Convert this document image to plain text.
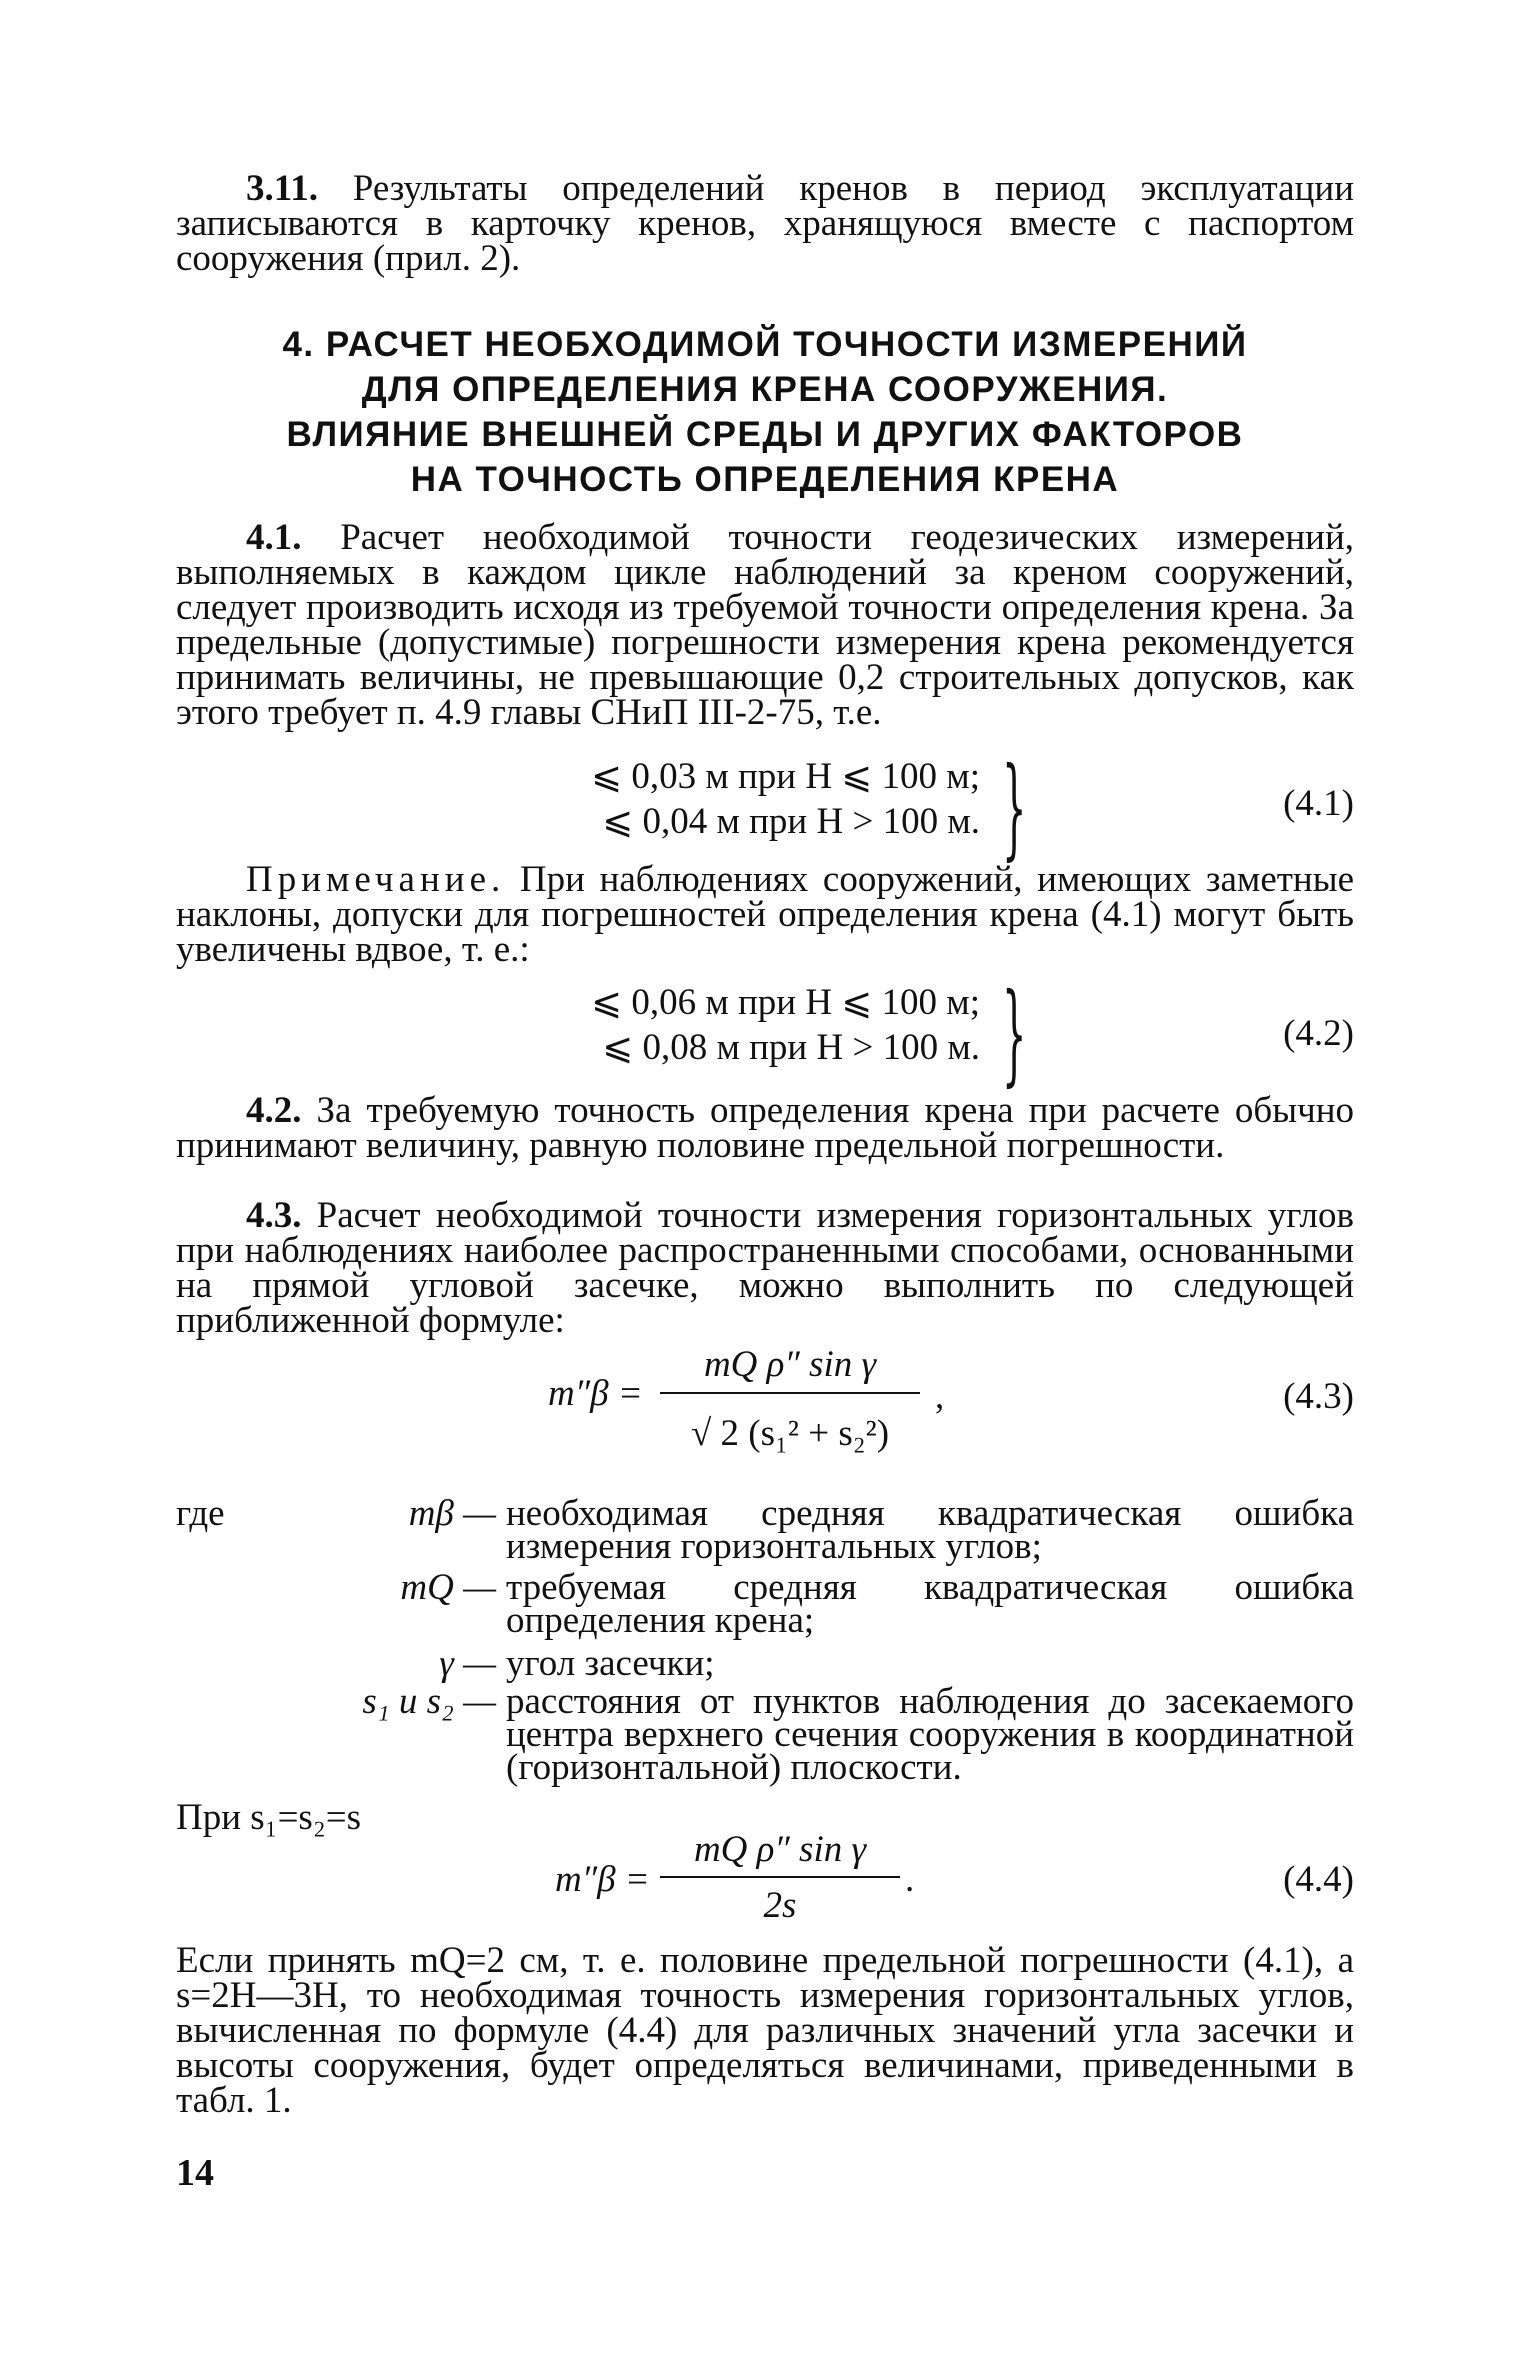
3.11. Результаты определений кренов в период эксплуатации записываются в карточку кренов, хранящуюся вместе с паспортом сооружения (прил. 2).
4. РАСЧЕТ НЕОБХОДИМОЙ ТОЧНОСТИ ИЗМЕРЕНИЙ
ДЛЯ ОПРЕДЕЛЕНИЯ КРЕНА СООРУЖЕНИЯ.
ВЛИЯНИЕ ВНЕШНЕЙ СРЕДЫ И ДРУГИХ ФАКТОРОВ
НА ТОЧНОСТЬ ОПРЕДЕЛЕНИЯ КРЕНА
4.1. Расчет необходимой точности геодезических измерений, выполняемых в каждом цикле наблюдений за креном сооружений, следует производить исходя из требуемой точности определения крена. За предельные (допустимые) погрешности измерения крена рекомендуется принимать величины, не превышающие 0,2 строительных допусков, как этого требует п. 4.9 главы СНиП III-2-75, т.е.
⩽ 0,03 м при H ⩽ 100 м;
⩽ 0,04 м при H > 100 м. }	(4.1)
Примечание. При наблюдениях сооружений, имеющих заметные наклоны, допуски для погрешностей определения крена (4.1) могут быть увеличены вдвое, т. е.:
⩽ 0,06 м при H ⩽ 100 м;
⩽ 0,08 м при H > 100 м. }	(4.2)
4.2. За требуемую точность определения крена при расчете обычно принимают величину, равную половине предельной погрешности.
4.3. Расчет необходимой точности измерения горизонтальных углов при наблюдениях наиболее распространенными способами, основанными на прямой угловой засечке, можно выполнить по следующей приближенной формуле:
m″β =
mQ ρ″ sin γ
√ 2 (s₁² + s₂²)
,	(4.3)
где	mβ — необходимая средняя квадратическая ошибка измерения горизонтальных углов;
mQ — требуемая средняя квадратическая ошибка определения крена;
γ — угол засечки;
s₁ и s₂ — расстояния от пунктов наблюдения до засекаемого центра верхнего сечения сооружения в координатной (горизонтальной) плоскости.
При s₁=s₂=s
m″β =
mQ ρ″ sin γ
2s
.	(4.4)
Если принять mQ=2 см, т. е. половине предельной погрешности (4.1), а s=2H—3H, то необходимая точность измерения горизонтальных углов, вычисленная по формуле (4.4) для различных значений угла засечки и высоты сооружения, будет определяться величинами, приведенными в табл. 1.
14
